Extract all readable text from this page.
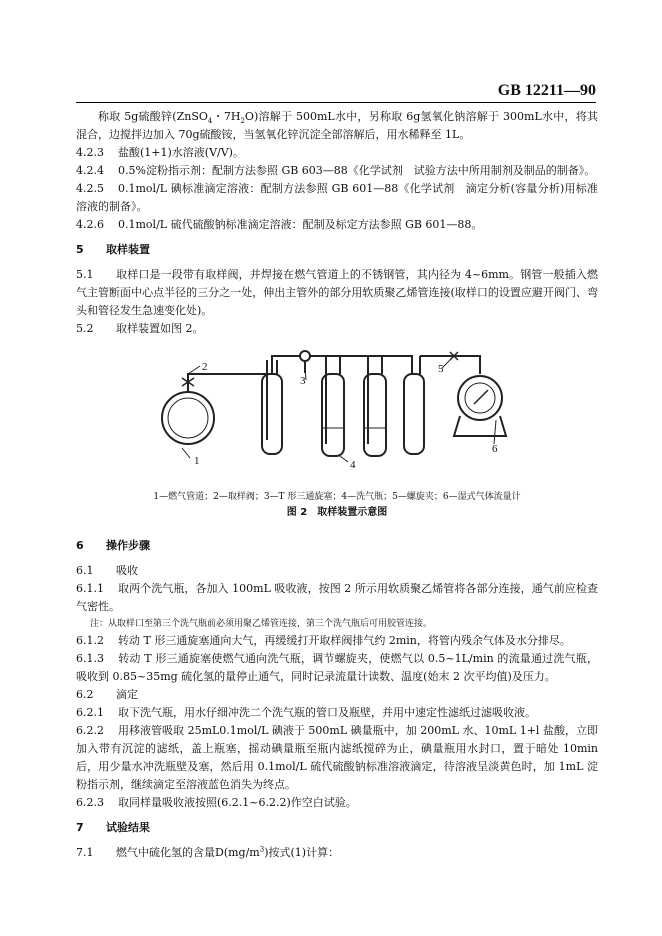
GB 12211—90

称取 5g硫酸锌(ZnSO$_4$・$7H_2O$)溶解于 500mL水中，另称取 6g氢氧化钠溶解于 300mL水中，将其混合，边搅拌边加入 70g硫酸铵，当氢氧化锌沉淀全部溶解后，用水稀释至 1L。

4.2.3 盐酸(1+1)水溶液(V/V)。

4.2.4 0.5%淀粉指示剂：配制方法参照 GB 603—88《化学试剂　试验方法中所用制剂及制品的制备》。

4.2.5 0.1mol/L 碘标准滴定溶液：配制方法参照 GB 601—88《化学试剂　滴定分析(容量分析)用标准溶液的制备》。

4.2.6 0.1mol/L 硫代硫酸钠标准滴定溶液：配制及标定方法参照 GB 601—88。

5 取样装置

5.1 取样口是一段带有取样阀，并焊接在燃气管道上的不锈钢管，其内径为 4~6mm。钢管一般插入燃气主管断面中心点半径的三分之一处，伸出主管外的部分用软质聚乙烯管连接(取样口的设置应避开阀门、弯头和管径发生急速变化处)。

5.2 取样装置如图 2。

1
2
3
4
5
6
1—燃气管道；2—取样阀；3—T 形三通旋塞；4—洗气瓶；5—螺旋夹；6—湿式气体流量计
图 2　取样装置示意图

6 操作步骤

6.1 吸收

6.1.1 取两个洗气瓶，各加入 100mL 吸收液，按图 2 所示用软质聚乙烯管将各部分连接，通气前应检查气密性。

注：从取样口至第三个洗气瓶前必须用聚乙烯管连接，第三个洗气瓶后可用胶管连接。

6.1.2 转动 T 形三通旋塞通向大气，再缓缓打开取样阀排气约 2min，将管内残余气体及水分排尽。

6.1.3 转动 T 形三通旋塞使燃气通向洗气瓶，调节螺旋夹，使燃气以 0.5~1L/min 的流量通过洗气瓶，吸收到 0.85~35mg 硫化氢的量停止通气，同时记录流量计读数、温度(始末 2 次平均值)及压力。

6.2 滴定

6.2.1 取下洗气瓶，用水仔细冲洗二个洗气瓶的管口及瓶壁，并用中速定性滤纸过滤吸收液。

6.2.2 用移液管吸取 25mL0.1mol/L 碘液于 500mL 碘量瓶中，加 200mL 水、10mL 1+l 盐酸，立即加入带有沉淀的滤纸，盖上瓶塞，摇动碘量瓶至瓶内滤纸搅碎为止，碘量瓶用水封口，置于暗处 10min 后，用少量水冲洗瓶壁及塞，然后用 0.1mol/L 硫代硫酸钠标准溶液滴定，待溶液呈淡黄色时，加 1mL 淀粉指示剂，继续滴定至溶液蓝色消失为终点。

6.2.3 取同样量吸收液按照(6.2.1~6.2.2)作空白试验。

7 试验结果

7.1 燃气中硫化氢的含量$D(mg/m^3)$按式(1)计算：
